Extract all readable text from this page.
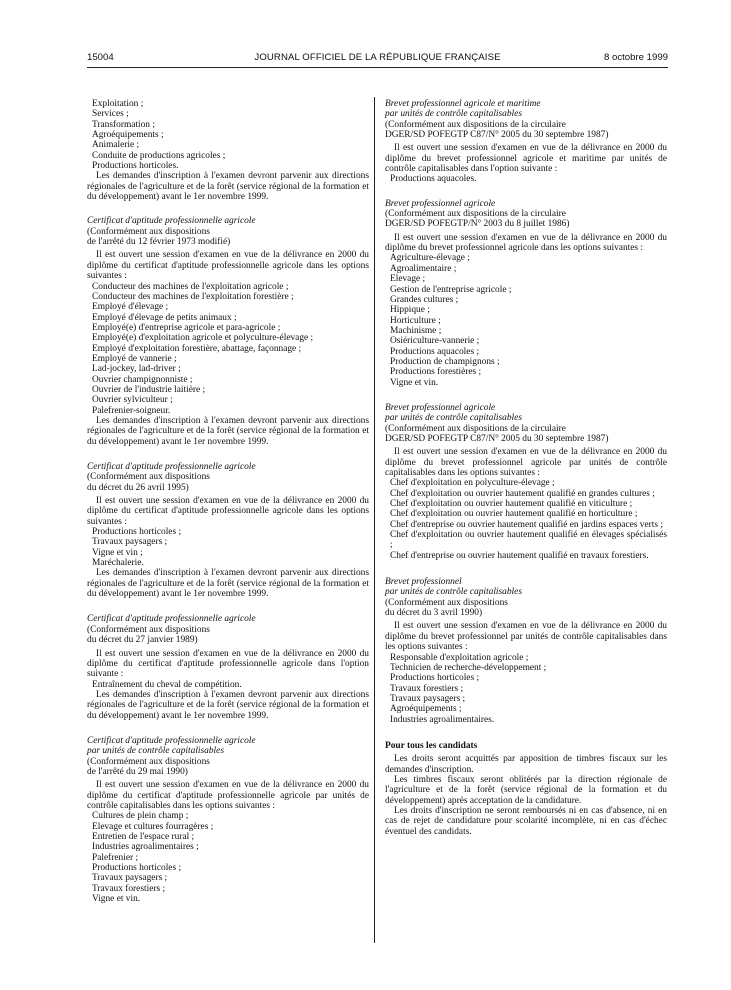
15004	JOURNAL OFFICIEL DE LA RÉPUBLIQUE FRANÇAISE	8 octobre 1999

Exploitation ;

Services ;

Transformation ;

Agroéquipements ;

Animalerie ;

Conduite de productions agricoles ;

Productions horticoles.

Les demandes d'inscription à l'examen devront parvenir aux directions régionales de l'agriculture et de la forêt (service régional de la formation et du développement) avant le 1er novembre 1999.

Certificat d'aptitude professionnelle agricole

(Conformément aux dispositions

de l'arrêté du 12 février 1973 modifié)

Il est ouvert une session d'examen en vue de la délivrance en 2000 du diplôme du certificat d'aptitude professionnelle agricole dans les options suivantes :

Conducteur des machines de l'exploitation agricole ;

Conducteur des machines de l'exploitation forestière ;

Employé d'élevage ;

Employé d'élevage de petits animaux ;

Employé(e) d'entreprise agricole et para-agricole ;

Employé(e) d'exploitation agricole et polyculture-élevage ;

Employé d'exploitation forestière, abattage, façonnage ;

Employé de vannerie ;

Lad-jockey, lad-driver ;

Ouvrier champignonniste ;

Ouvrier de l'industrie laitière ;

Ouvrier sylviculteur ;

Palefrenier-soigneur.

Les demandes d'inscription à l'examen devront parvenir aux directions régionales de l'agriculture et de la forêt (service régional de la formation et du développement) avant le 1er novembre 1999.

Certificat d'aptitude professionnelle agricole

(Conformément aux dispositions

du décret du 26 avril 1995)

Il est ouvert une session d'examen en vue de la délivrance en 2000 du diplôme du certificat d'aptitude professionnelle agricole dans les options suivantes :

Productions horticoles ;

Travaux paysagers ;

Vigne et vin ;

Maréchalerie.

Les demandes d'inscription à l'examen devront parvenir aux directions régionales de l'agriculture et de la forêt (service régional de la formation et du développement) avant le 1er novembre 1999.

Certificat d'aptitude professionnelle agricole

(Conformément aux dispositions

du décret du 27 janvier 1989)

Il est ouvert une session d'examen en vue de la délivrance en 2000 du diplôme du certificat d'aptitude professionnelle agricole dans l'option suivante :

Entraînement du cheval de compétition.

Les demandes d'inscription à l'examen devront parvenir aux directions régionales de l'agriculture et de la forêt (service régional de la formation et du développement) avant le 1er novembre 1999.

Certificat d'aptitude professionnelle agricole

par unités de contrôle capitalisables

(Conformément aux dispositions

de l'arrêté du 29 mai 1990)

Il est ouvert une session d'examen en vue de la délivrance en 2000 du diplôme du certificat d'aptitude professionnelle agricole par unités de contrôle capitalisables dans les options suivantes :

Cultures de plein champ ;

Elevage et cultures fourragères ;

Entretien de l'espace rural ;

Industries agroalimentaires ;

Palefrenier ;

Productions horticoles ;

Travaux paysagers ;

Travaux forestiers ;

Vigne et vin.

Brevet professionnel agricole et maritime

par unités de contrôle capitalisables

(Conformément aux dispositions de la circulaire

DGER/SD POFEGTP C87/N° 2005 du 30 septembre 1987)

Il est ouvert une session d'examen en vue de la délivrance en 2000 du diplôme du brevet professionnel agricole et maritime par unités de contrôle capitalisables dans l'option suivante :

Productions aquacoles.

Brevet professionnel agricole

(Conformément aux dispositions de la circulaire

DGER/SD POFEGTP/N° 2003 du 8 juillet 1986)

Il est ouvert une session d'examen en vue de la délivrance en 2000 du diplôme du brevet professionnel agricole dans les options suivantes :

Agriculture-élevage ;

Agroalimentaire ;

Elevage ;

Gestion de l'entreprise agricole ;

Grandes cultures ;

Hippique ;

Horticulture ;

Machinisme ;

Osiériculture-vannerie ;

Productions aquacoles ;

Production de champignons ;

Productions forestières ;

Vigne et vin.

Brevet professionnel agricole

par unités de contrôle capitalisables

(Conformément aux dispositions de la circulaire

DGER/SD POFEGTP C87/N° 2005 du 30 septembre 1987)

Il est ouvert une session d'examen en vue de la délivrance en 2000 du diplôme du brevet professionnel agricole par unités de contrôle capitalisables dans les options suivantes :

Chef d'exploitation en polyculture-élevage ;

Chef d'exploitation ou ouvrier hautement qualifié en grandes cultures ;

Chef d'exploitation ou ouvrier hautement qualifié en viticulture ;

Chef d'exploitation ou ouvrier hautement qualifié en horticulture ;

Chef d'entreprise ou ouvrier hautement qualifié en jardins espaces verts ;

Chef d'exploitation ou ouvrier hautement qualifié en élevages spécialisés ;

Chef d'entreprise ou ouvrier hautement qualifié en travaux forestiers.

Brevet professionnel

par unités de contrôle capitalisables

(Conformément aux dispositions

du décret du 3 avril 1990)

Il est ouvert une session d'examen en vue de la délivrance en 2000 du diplôme du brevet professionnel par unités de contrôle capitalisables dans les options suivantes :

Responsable d'exploitation agricole ;

Technicien de recherche-développement ;

Productions horticoles ;

Travaux forestiers ;

Travaux paysagers ;

Agroéquipements ;

Industries agroalimentaires.

Pour tous les candidats

Les droits seront acquittés par apposition de timbres fiscaux sur les demandes d'inscription.

Les timbres fiscaux seront oblitérés par la direction régionale de l'agriculture et de la forêt (service régional de la formation et du développement) après acceptation de la candidature.

Les droits d'inscription ne seront remboursés ni en cas d'absence, ni en cas de rejet de candidature pour scolarité incomplète, ni en cas d'échec éventuel des candidats.
